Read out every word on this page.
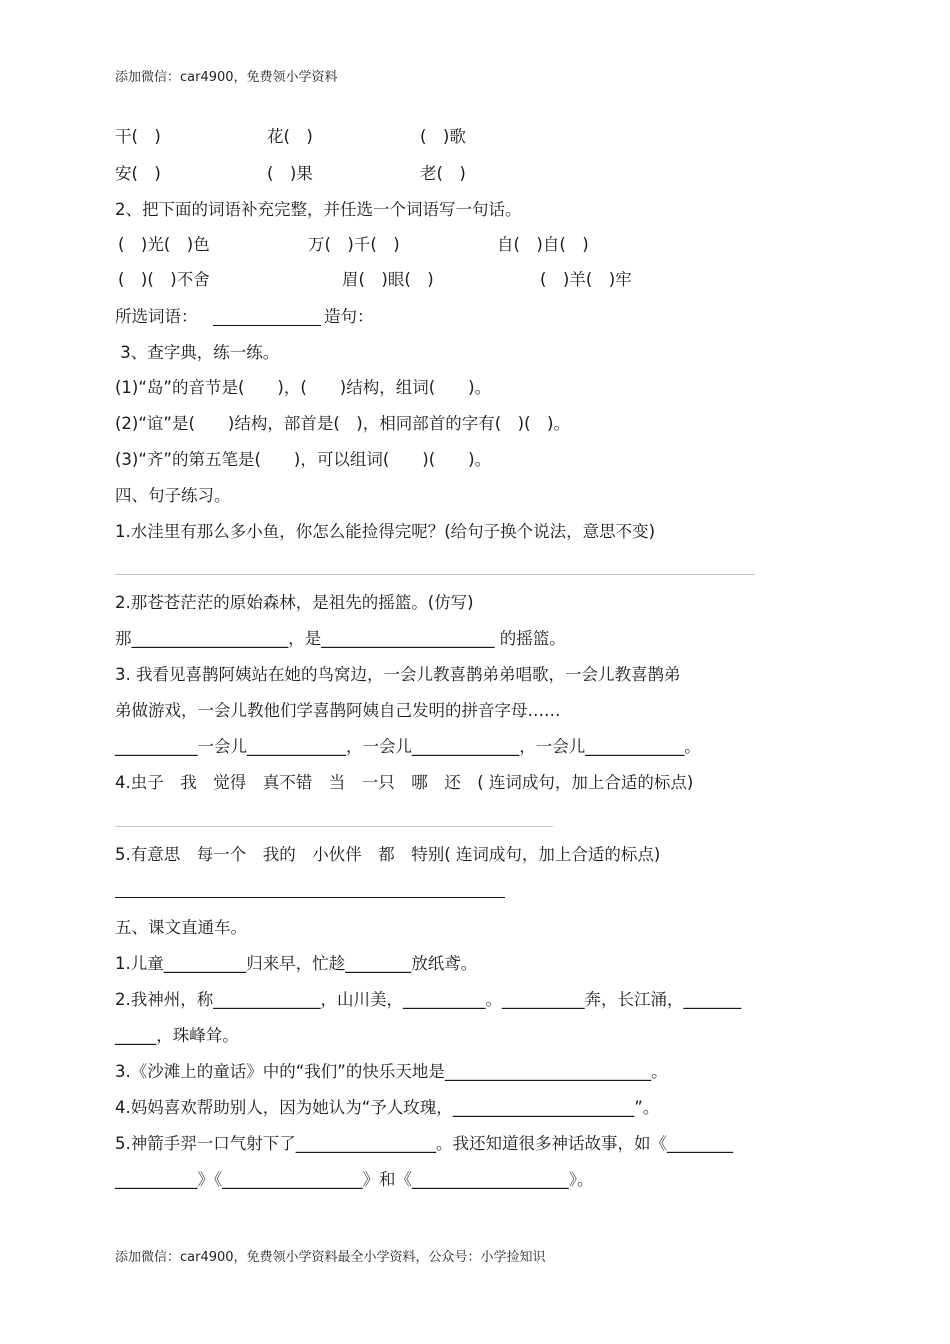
添加微信：car4900，免费领小学资料
干(　)	花(　)	(　)歌
安(　)	(　)果	老(　)
2、把下面的词语补充完整，并任选一个词语写一句话。
(　)光(　)色	万(　)千(　)	自(　)自(　)
(　)(　)不舍	眉(　)眼(　)	(　)羊(　)牢
所选词语：	造句：
3、查字典，练一练。
(1)“岛”的音节是(　　)，(　　)结构，组词(　　)。
(2)“谊”是(　　)结构，部首是(　)，相同部首的字有(　)(　)。
(3)“齐”的第五笔是(　　)，可以组词(　　)(　　)。
四、句子练习。
1.水洼里有那么多小鱼，你怎么能捡得完呢？(给句子换个说法，意思不变)
2.那苍苍茫茫的原始森林，是祖先的摇篮。(仿写)
那___________________，是_____________________ 的摇篮。
3. 我看见喜鹊阿姨站在她的鸟窝边，一会儿教喜鹊弟弟唱歌，一会儿教喜鹊弟
弟做游戏，一会儿教他们学喜鹊阿姨自己发明的拼音字母……
__________一会儿____________，一会儿_____________，一会儿____________。
4.虫子　我　觉得　真不错　当　一只　哪　还　( 连词成句，加上合适的标点)
5.有意思　每一个　我的　小伙伴　都　特别( 连词成句，加上合适的标点)
五、课文直通车。
1.儿童__________归来早，忙趁________放纸鸢。
2.我神州，称_____________，山川美，__________。__________奔，长江涌，_______
_____，珠峰耸。
3.《沙滩上的童话》中的“我们”的快乐天地是_________________________。
4.妈妈喜欢帮助别人，因为她认为“予人玫瑰，______________________”。
5.神箭手羿一口气射下了_________________。我还知道很多神话故事，如《________
__________》《_________________》和《___________________》。
添加微信：car4900，免费领小学资料最全小学资料，公众号：小学捡知识
